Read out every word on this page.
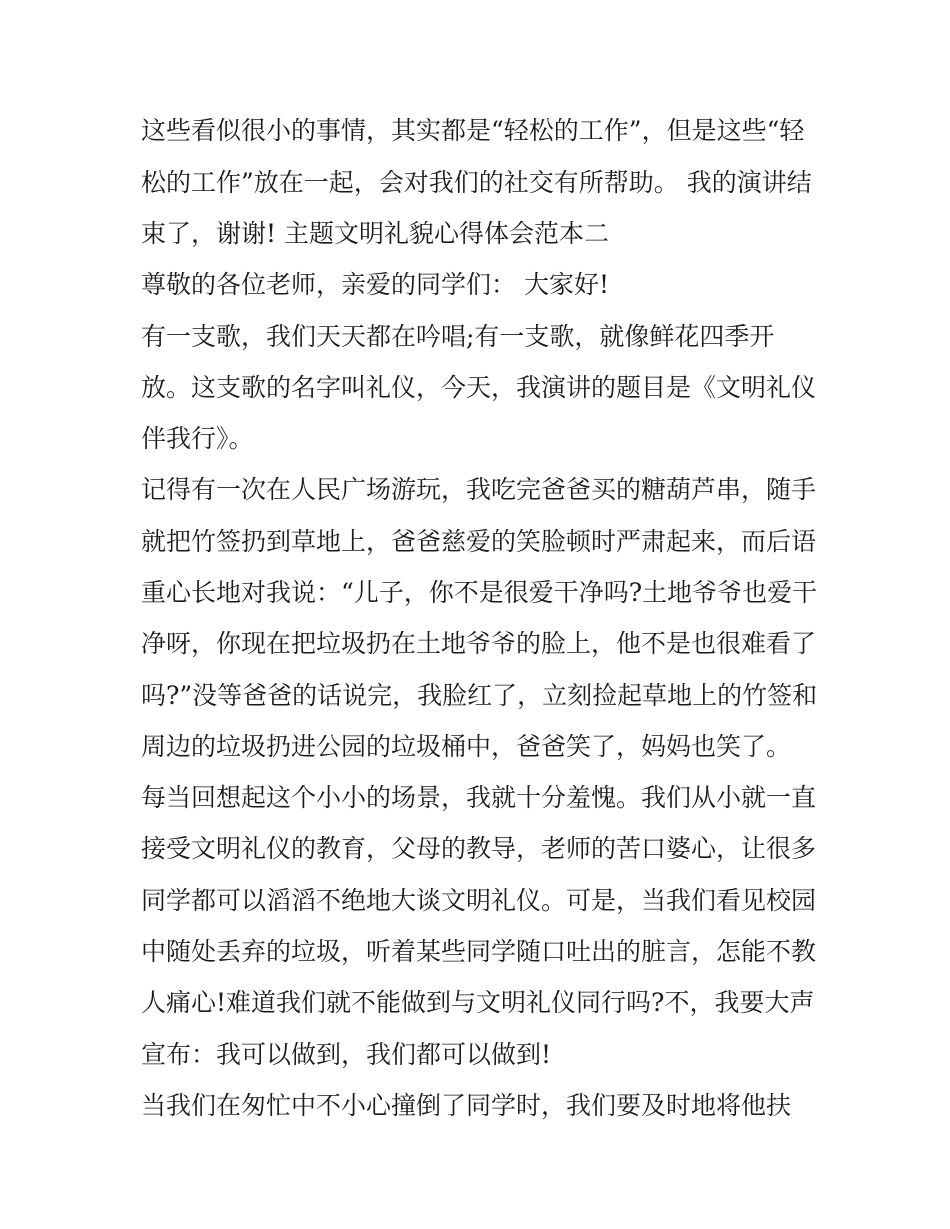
这些看似很小的事情，其实都是“轻松的工作”，但是这些“轻
松的工作”放在一起，会对我们的社交有所帮助。 我的演讲结
束了，谢谢! 主题文明礼貌心得体会范本二
尊敬的各位老师，亲爱的同学们： 大家好!
有一支歌，我们天天都在吟唱;有一支歌，就像鲜花四季开
放。这支歌的名字叫礼仪，今天，我演讲的题目是《文明礼仪
伴我行》。
记得有一次在人民广场游玩，我吃完爸爸买的糖葫芦串，随手
就把竹签扔到草地上，爸爸慈爱的笑脸顿时严肃起来，而后语
重心长地对我说：“儿子，你不是很爱干净吗?土地爷爷也爱干
净呀，你现在把垃圾扔在土地爷爷的脸上，他不是也很难看了
吗?”没等爸爸的话说完，我脸红了，立刻捡起草地上的竹签和
周边的垃圾扔进公园的垃圾桶中，爸爸笑了，妈妈也笑了。
每当回想起这个小小的场景，我就十分羞愧。我们从小就一直
接受文明礼仪的教育，父母的教导，老师的苦口婆心，让很多
同学都可以滔滔不绝地大谈文明礼仪。可是，当我们看见校园
中随处丢弃的垃圾，听着某些同学随口吐出的脏言，怎能不教
人痛心!难道我们就不能做到与文明礼仪同行吗?不，我要大声
宣布：我可以做到，我们都可以做到!
当我们在匆忙中不小心撞倒了同学时，我们要及时地将他扶
